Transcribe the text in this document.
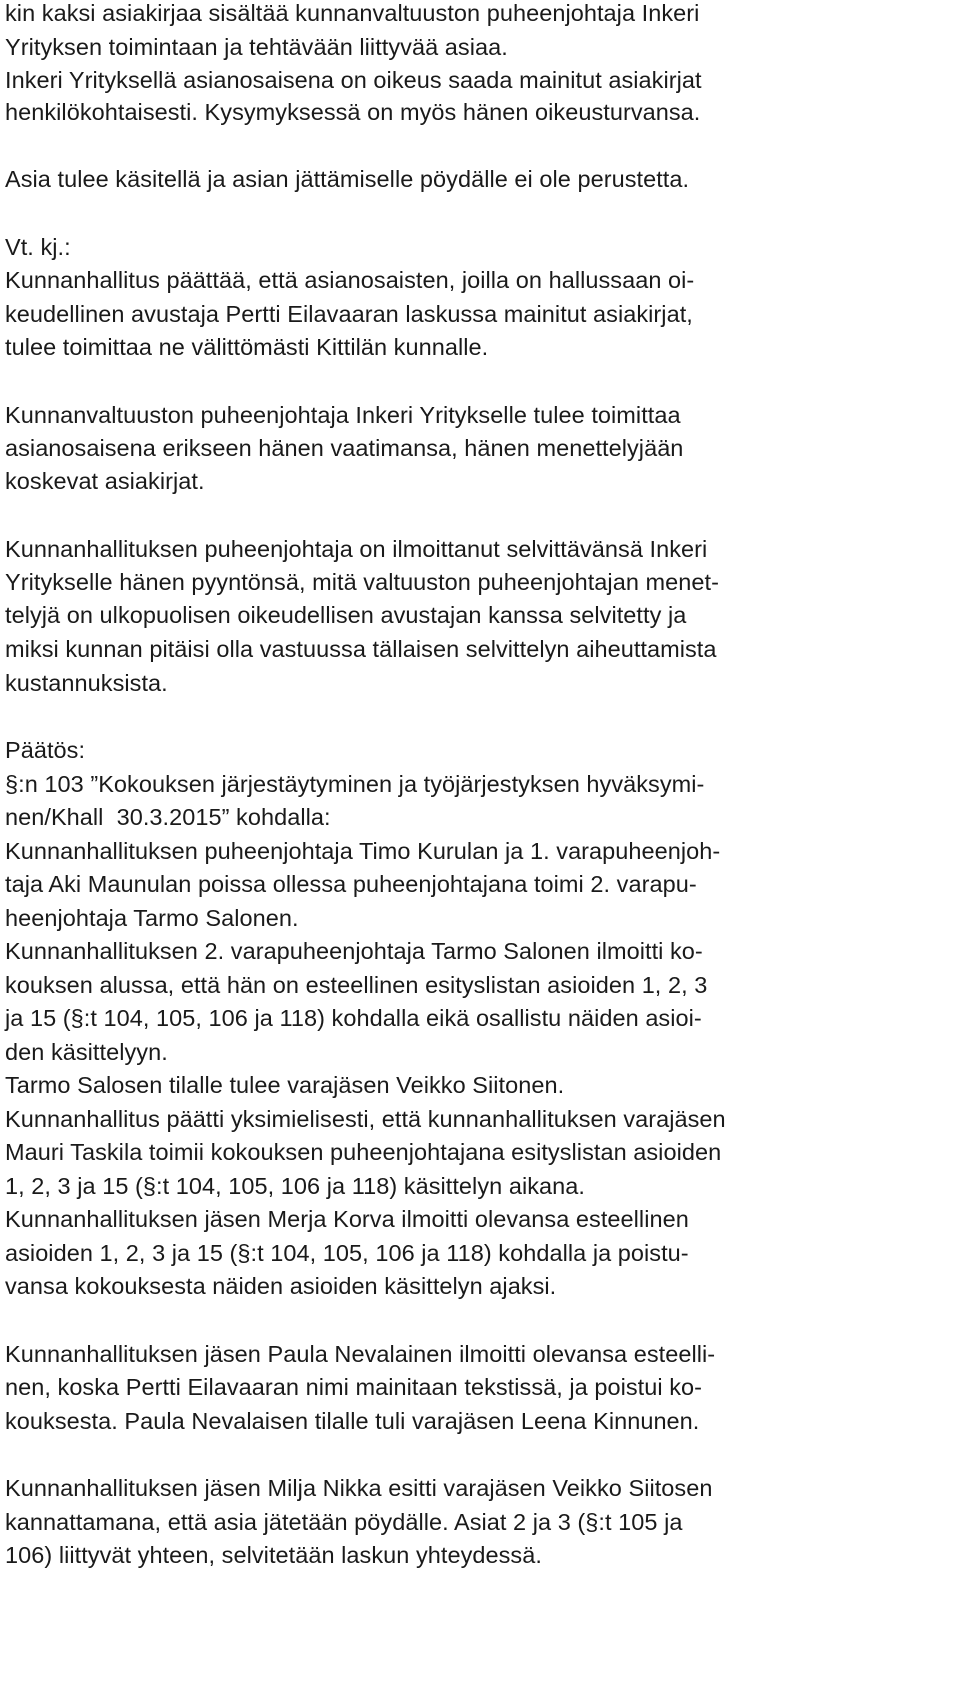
kin kaksi asiakirjaa sisältää kunnanvaltuuston puheenjohtaja Inkeri
Yrityksen toimintaan ja tehtävään liittyvää asiaa.
Inkeri Yrityksellä asianosaisena on oikeus saada mainitut asiakirjat
henkilökohtaisesti. Kysymyksessä on myös hänen oikeusturvansa.
Asia tulee käsitellä ja asian jättämiselle pöydälle ei ole perustetta.
Vt. kj.:
Kunnanhallitus päättää, että asianosaisten, joilla on hallussaan oi-
keudellinen avustaja Pertti Eilavaaran laskussa mainitut asiakirjat,
tulee toimittaa ne välittömästi Kittilän kunnalle.
Kunnanvaltuuston puheenjohtaja Inkeri Yritykselle tulee toimittaa
asianosaisena erikseen hänen vaatimansa, hänen menettelyjään
koskevat asiakirjat.
Kunnanhallituksen puheenjohtaja on ilmoittanut selvittävänsä Inkeri
Yritykselle hänen pyyntönsä, mitä valtuuston puheenjohtajan menet-
telyjä on ulkopuolisen oikeudellisen avustajan kanssa selvitetty ja
miksi kunnan pitäisi olla vastuussa tällaisen selvittelyn aiheuttamista
kustannuksista.
Päätös:
§:n 103 ”Kokouksen järjestäytyminen ja työjärjestyksen hyväksymi-
nen/Khall  30.3.2015” kohdalla:
Kunnanhallituksen puheenjohtaja Timo Kurulan ja 1. varapuheenjoh-
taja Aki Maunulan poissa ollessa puheenjohtajana toimi 2. varapu-
heenjohtaja Tarmo Salonen.
Kunnanhallituksen 2. varapuheenjohtaja Tarmo Salonen ilmoitti ko-
kouksen alussa, että hän on esteellinen esityslistan asioiden 1, 2, 3
ja 15 (§:t 104, 105, 106 ja 118) kohdalla eikä osallistu näiden asioi-
den käsittelyyn.
Tarmo Salosen tilalle tulee varajäsen Veikko Siitonen.
Kunnanhallitus päätti yksimielisesti, että kunnanhallituksen varajäsen
Mauri Taskila toimii kokouksen puheenjohtajana esityslistan asioiden
1, 2, 3 ja 15 (§:t 104, 105, 106 ja 118) käsittelyn aikana.
Kunnanhallituksen jäsen Merja Korva ilmoitti olevansa esteellinen
asioiden 1, 2, 3 ja 15 (§:t 104, 105, 106 ja 118) kohdalla ja poistu-
vansa kokouksesta näiden asioiden käsittelyn ajaksi.
Kunnanhallituksen jäsen Paula Nevalainen ilmoitti olevansa esteelli-
nen, koska Pertti Eilavaaran nimi mainitaan tekstissä, ja poistui ko-
kouksesta. Paula Nevalaisen tilalle tuli varajäsen Leena Kinnunen.
Kunnanhallituksen jäsen Milja Nikka esitti varajäsen Veikko Siitosen
kannattamana, että asia jätetään pöydälle. Asiat 2 ja 3 (§:t 105 ja
106) liittyvät yhteen, selvitetään laskun yhteydessä.
